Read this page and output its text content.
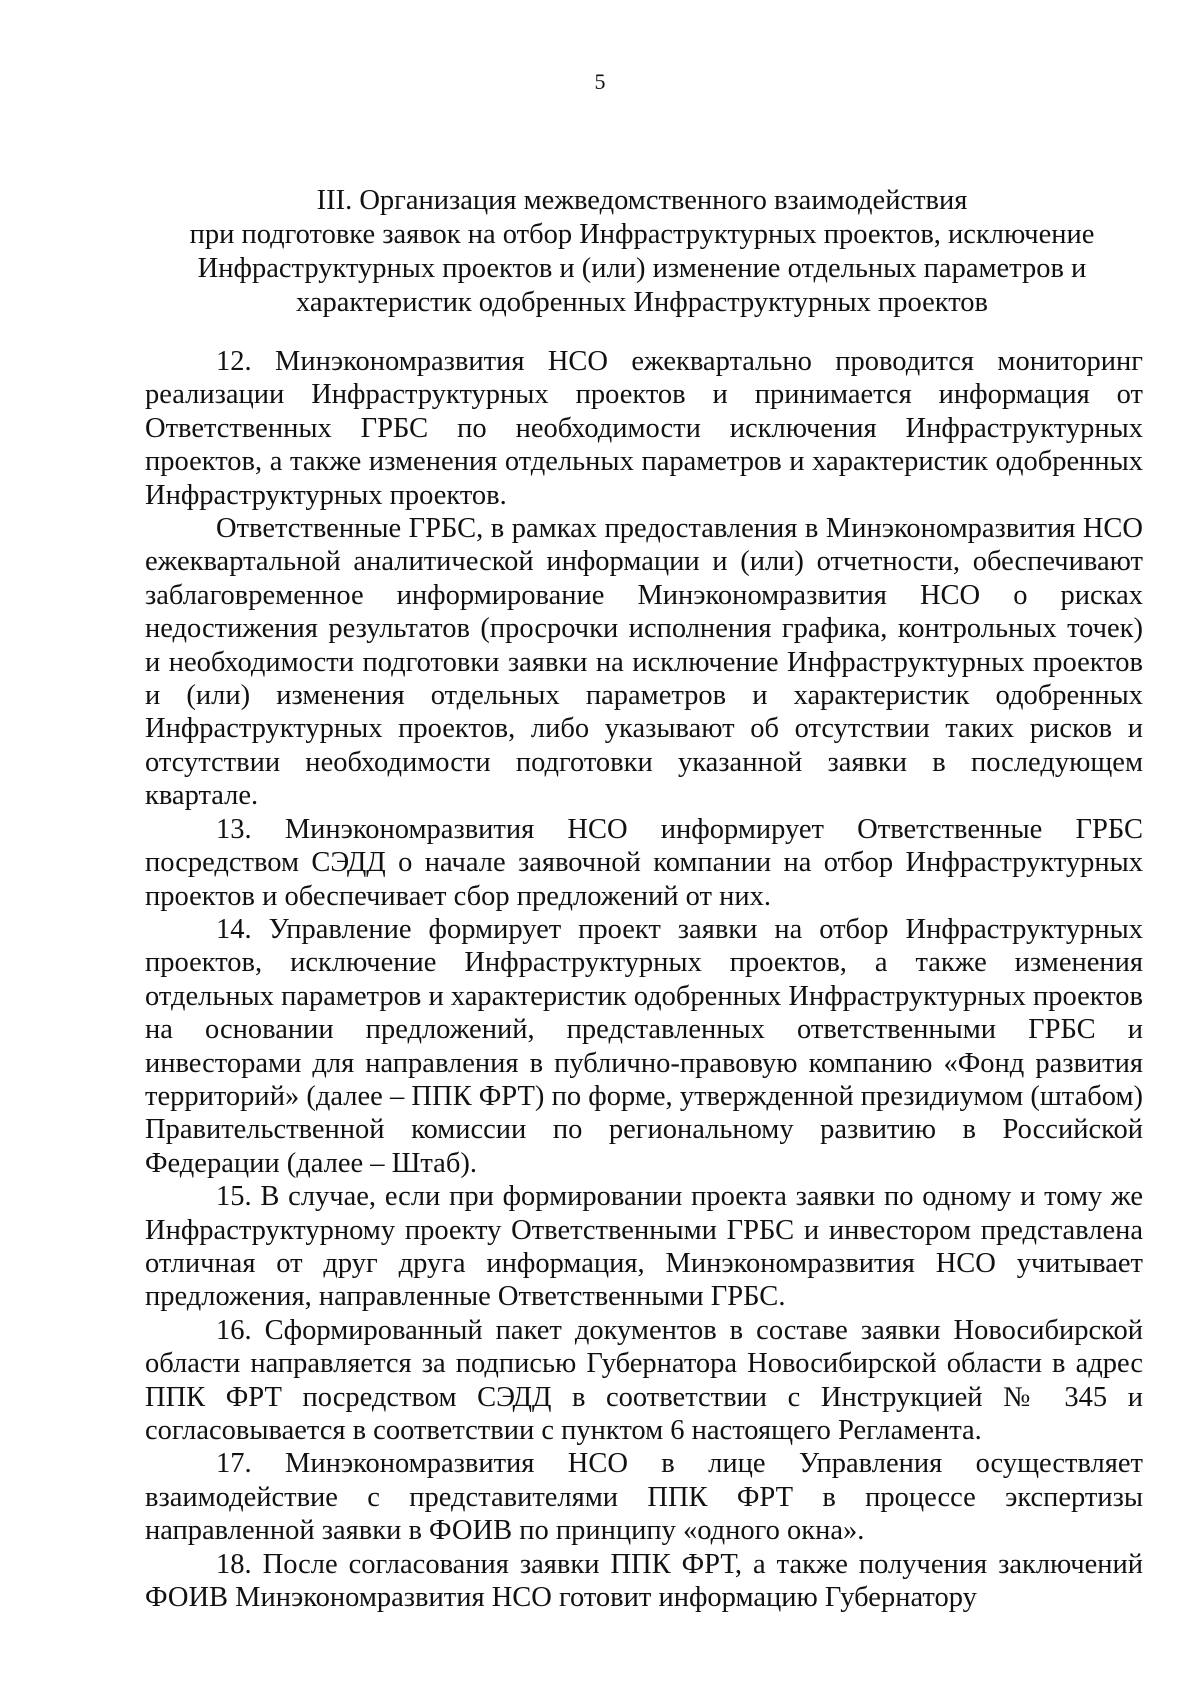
5
III. Организация межведомственного взаимодействия
при подготовке заявок на отбор Инфраструктурных проектов, исключение
Инфраструктурных проектов и (или) изменение отдельных параметров и
характеристик одобренных Инфраструктурных проектов

12. Минэкономразвития НСО ежеквартально проводится мониторинг реализации Инфраструктурных проектов и принимается информация от Ответственных ГРБС по необходимости исключения Инфраструктурных проектов, а также изменения отдельных параметров и характеристик одобренных Инфраструктурных проектов.

Ответственные ГРБС, в рамках предоставления в Минэкономразвития НСО ежеквартальной аналитической информации и (или) отчетности, обеспечивают заблаговременное информирование Минэкономразвития НСО о рисках недостижения результатов (просрочки исполнения графика, контрольных точек) и необходимости подготовки заявки на исключение Инфраструктурных проектов и (или) изменения отдельных параметров и характеристик одобренных Инфраструктурных проектов, либо указывают об отсутствии таких рисков и отсутствии необходимости подготовки указанной заявки в последующем квартале.

13. Минэкономразвития НСО информирует Ответственные ГРБС посредством СЭДД о начале заявочной компании на отбор Инфраструктурных проектов и обеспечивает сбор предложений от них.

14. Управление формирует проект заявки на отбор Инфраструктурных проектов, исключение Инфраструктурных проектов, а также изменения отдельных параметров и характеристик одобренных Инфраструктурных проектов на основании предложений, представленных ответственными ГРБС и инвесторами для направления в публично-правовую компанию «Фонд развития территорий» (далее – ППК ФРТ) по форме, утвержденной президиумом (штабом) Правительственной комиссии по региональному развитию в Российской Федерации (далее – Штаб).

15. В случае, если при формировании проекта заявки по одному и тому же Инфраструктурному проекту Ответственными ГРБС и инвестором представлена отличная от друг друга информация, Минэкономразвития НСО учитывает предложения, направленные Ответственными ГРБС.

16. Сформированный пакет документов в составе заявки Новосибирской области направляется за подписью Губернатора Новосибирской области в адрес ППК ФРТ посредством СЭДД в соответствии с Инструкцией № 345 и согласовывается в соответствии с пунктом 6 настоящего Регламента.

17. Минэкономразвития НСО в лице Управления осуществляет взаимодействие с представителями ППК ФРТ в процессе экспертизы направленной заявки в ФОИВ по принципу «одного окна».

18. После согласования заявки ППК ФРТ, а также получения заключений ФОИВ Минэкономразвития НСО готовит информацию Губернатору
